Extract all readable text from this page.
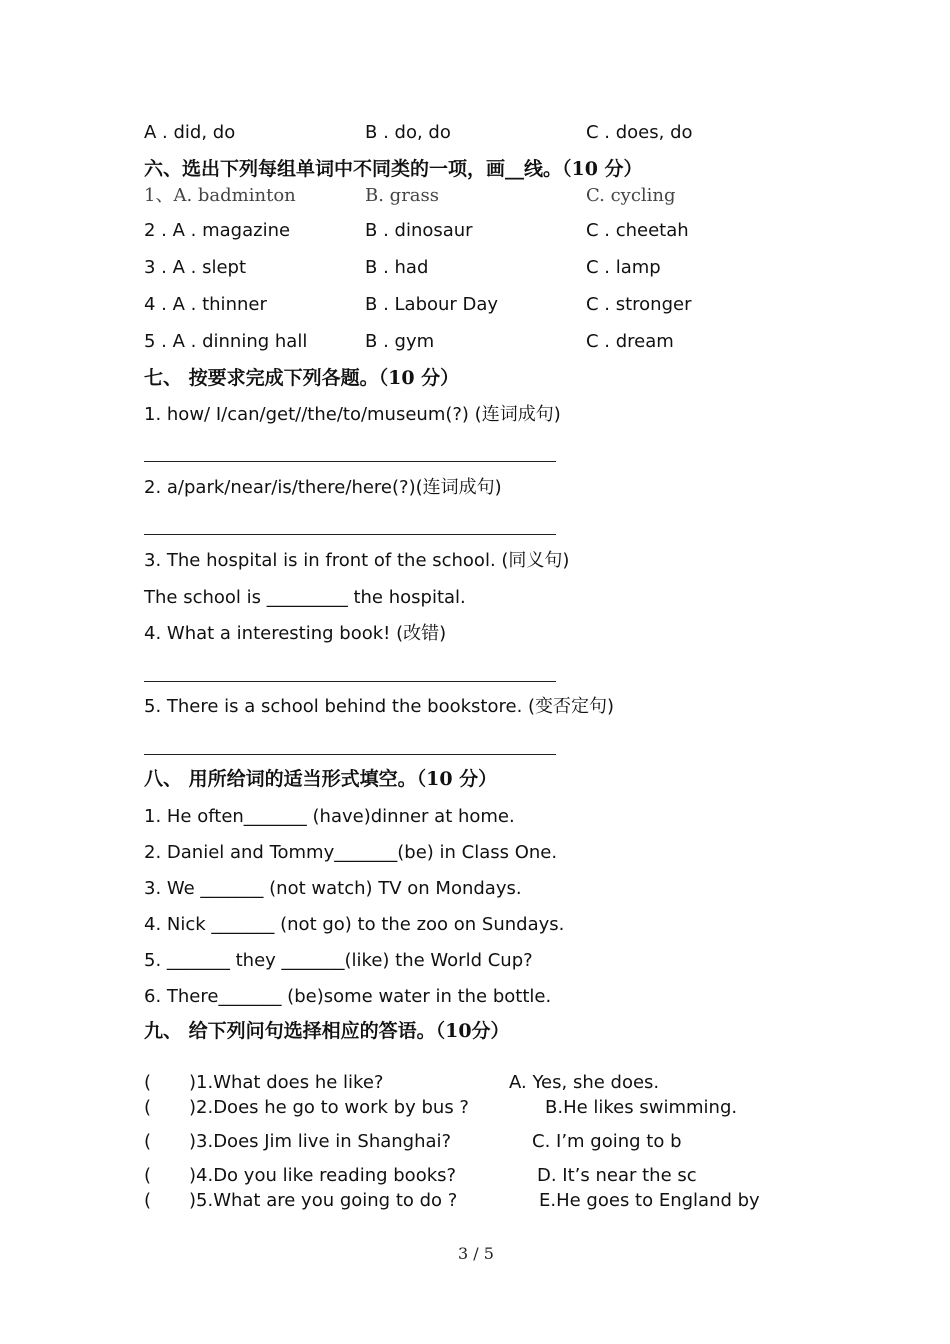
A . did, do	B . do, do	C . does, do
六、选出下列每组单词中不同类的一项，画__线。（10 分）
1、A. badminton	B. grass	C. cycling
2 . A . magazine	B . dinosaur	C . cheetah
3 . A . slept	B . had	C . lamp
4 . A . thinner	B . Labour Day	C . stronger
5 . A . dinning hall	B . gym	C . dream
七、 按要求完成下列各题。（10 分）
1. how/ I/can/get//the/to/museum(?) (连词成句)
2. a/park/near/is/there/here(?)(连词成句)
3. The hospital is in front of the school. (同义句)
The school is _________ the hospital.
4. What a interesting book! (改错)
5. There is a school behind the bookstore. (变否定句)
八、 用所给词的适当形式填空。（10 分）
1. He often_______ (have)dinner at home.
2. Daniel and Tommy_______(be) in Class One.
3. We _______ (not watch) TV on Mondays.
4. Nick _______ (not go) to the zoo on Sundays.
5. _______ they _______(like) the World Cup?
6. There_______ (be)some water in the bottle.
九、 给下列问句选择相应的答语。（10分）
( )1.What does he like?	A. Yes, she does.
( )2.Does he go to work by bus ?	B.He likes swimming.
( )3.Does Jim live in Shanghai?	C. I’m going to b
( )4.Do you like reading books?	D. It’s near the sc
( )5.What are you going to do ?	E.He goes to England by
3 / 5
